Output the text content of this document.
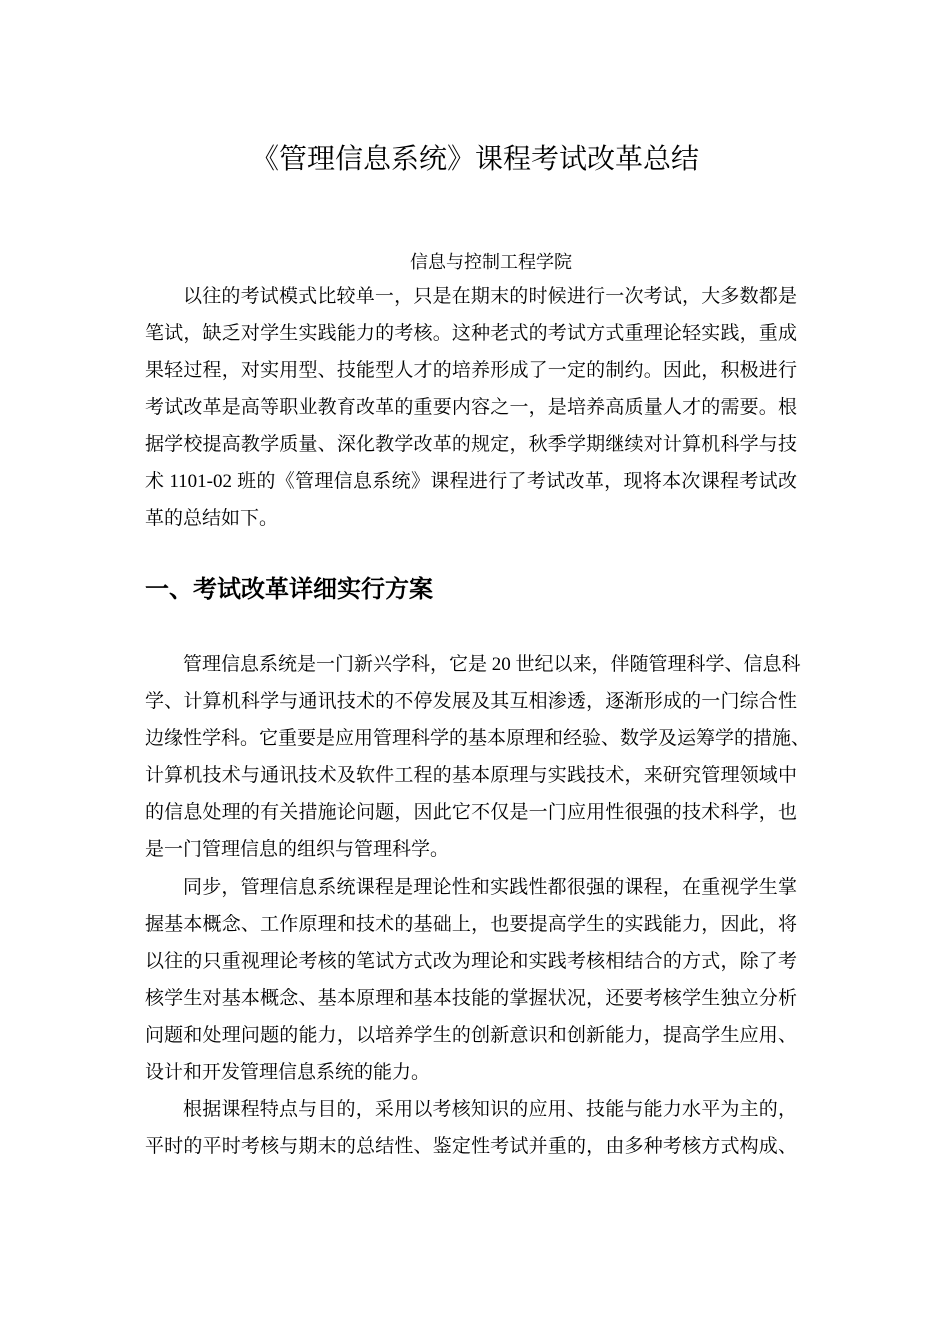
《管理信息系统》课程考试改革总结
信息与控制工程学院
以往的考试模式比较单一，只是在期末的时候进行一次考试，大多数都是
笔试，缺乏对学生实践能力的考核。这种老式的考试方式重理论轻实践，重成
果轻过程，对实用型、技能型人才的培养形成了一定的制约。因此，积极进行
考试改革是高等职业教育改革的重要内容之一，是培养高质量人才的需要。根
据学校提高教学质量、深化教学改革的规定，秋季学期继续对计算机科学与技
术 1101-02 班的《管理信息系统》课程进行了考试改革，现将本次课程考试改
革的总结如下。
一、考试改革详细实行方案
管理信息系统是一门新兴学科，它是 20 世纪以来，伴随管理科学、信息科
学、计算机科学与通讯技术的不停发展及其互相渗透，逐渐形成的一门综合性
边缘性学科。它重要是应用管理科学的基本原理和经验、数学及运筹学的措施、
计算机技术与通讯技术及软件工程的基本原理与实践技术，来研究管理领域中
的信息处理的有关措施论问题，因此它不仅是一门应用性很强的技术科学，也
是一门管理信息的组织与管理科学。
同步，管理信息系统课程是理论性和实践性都很强的课程，在重视学生掌
握基本概念、工作原理和技术的基础上，也要提高学生的实践能力，因此，将
以往的只重视理论考核的笔试方式改为理论和实践考核相结合的方式，除了考
核学生对基本概念、基本原理和基本技能的掌握状况，还要考核学生独立分析
问题和处理问题的能力，以培养学生的创新意识和创新能力，提高学生应用、
设计和开发管理信息系统的能力。
根据课程特点与目的，采用以考核知识的应用、技能与能力水平为主的，
平时的平时考核与期末的总结性、鉴定性考试并重的，由多种考核方式构成、
